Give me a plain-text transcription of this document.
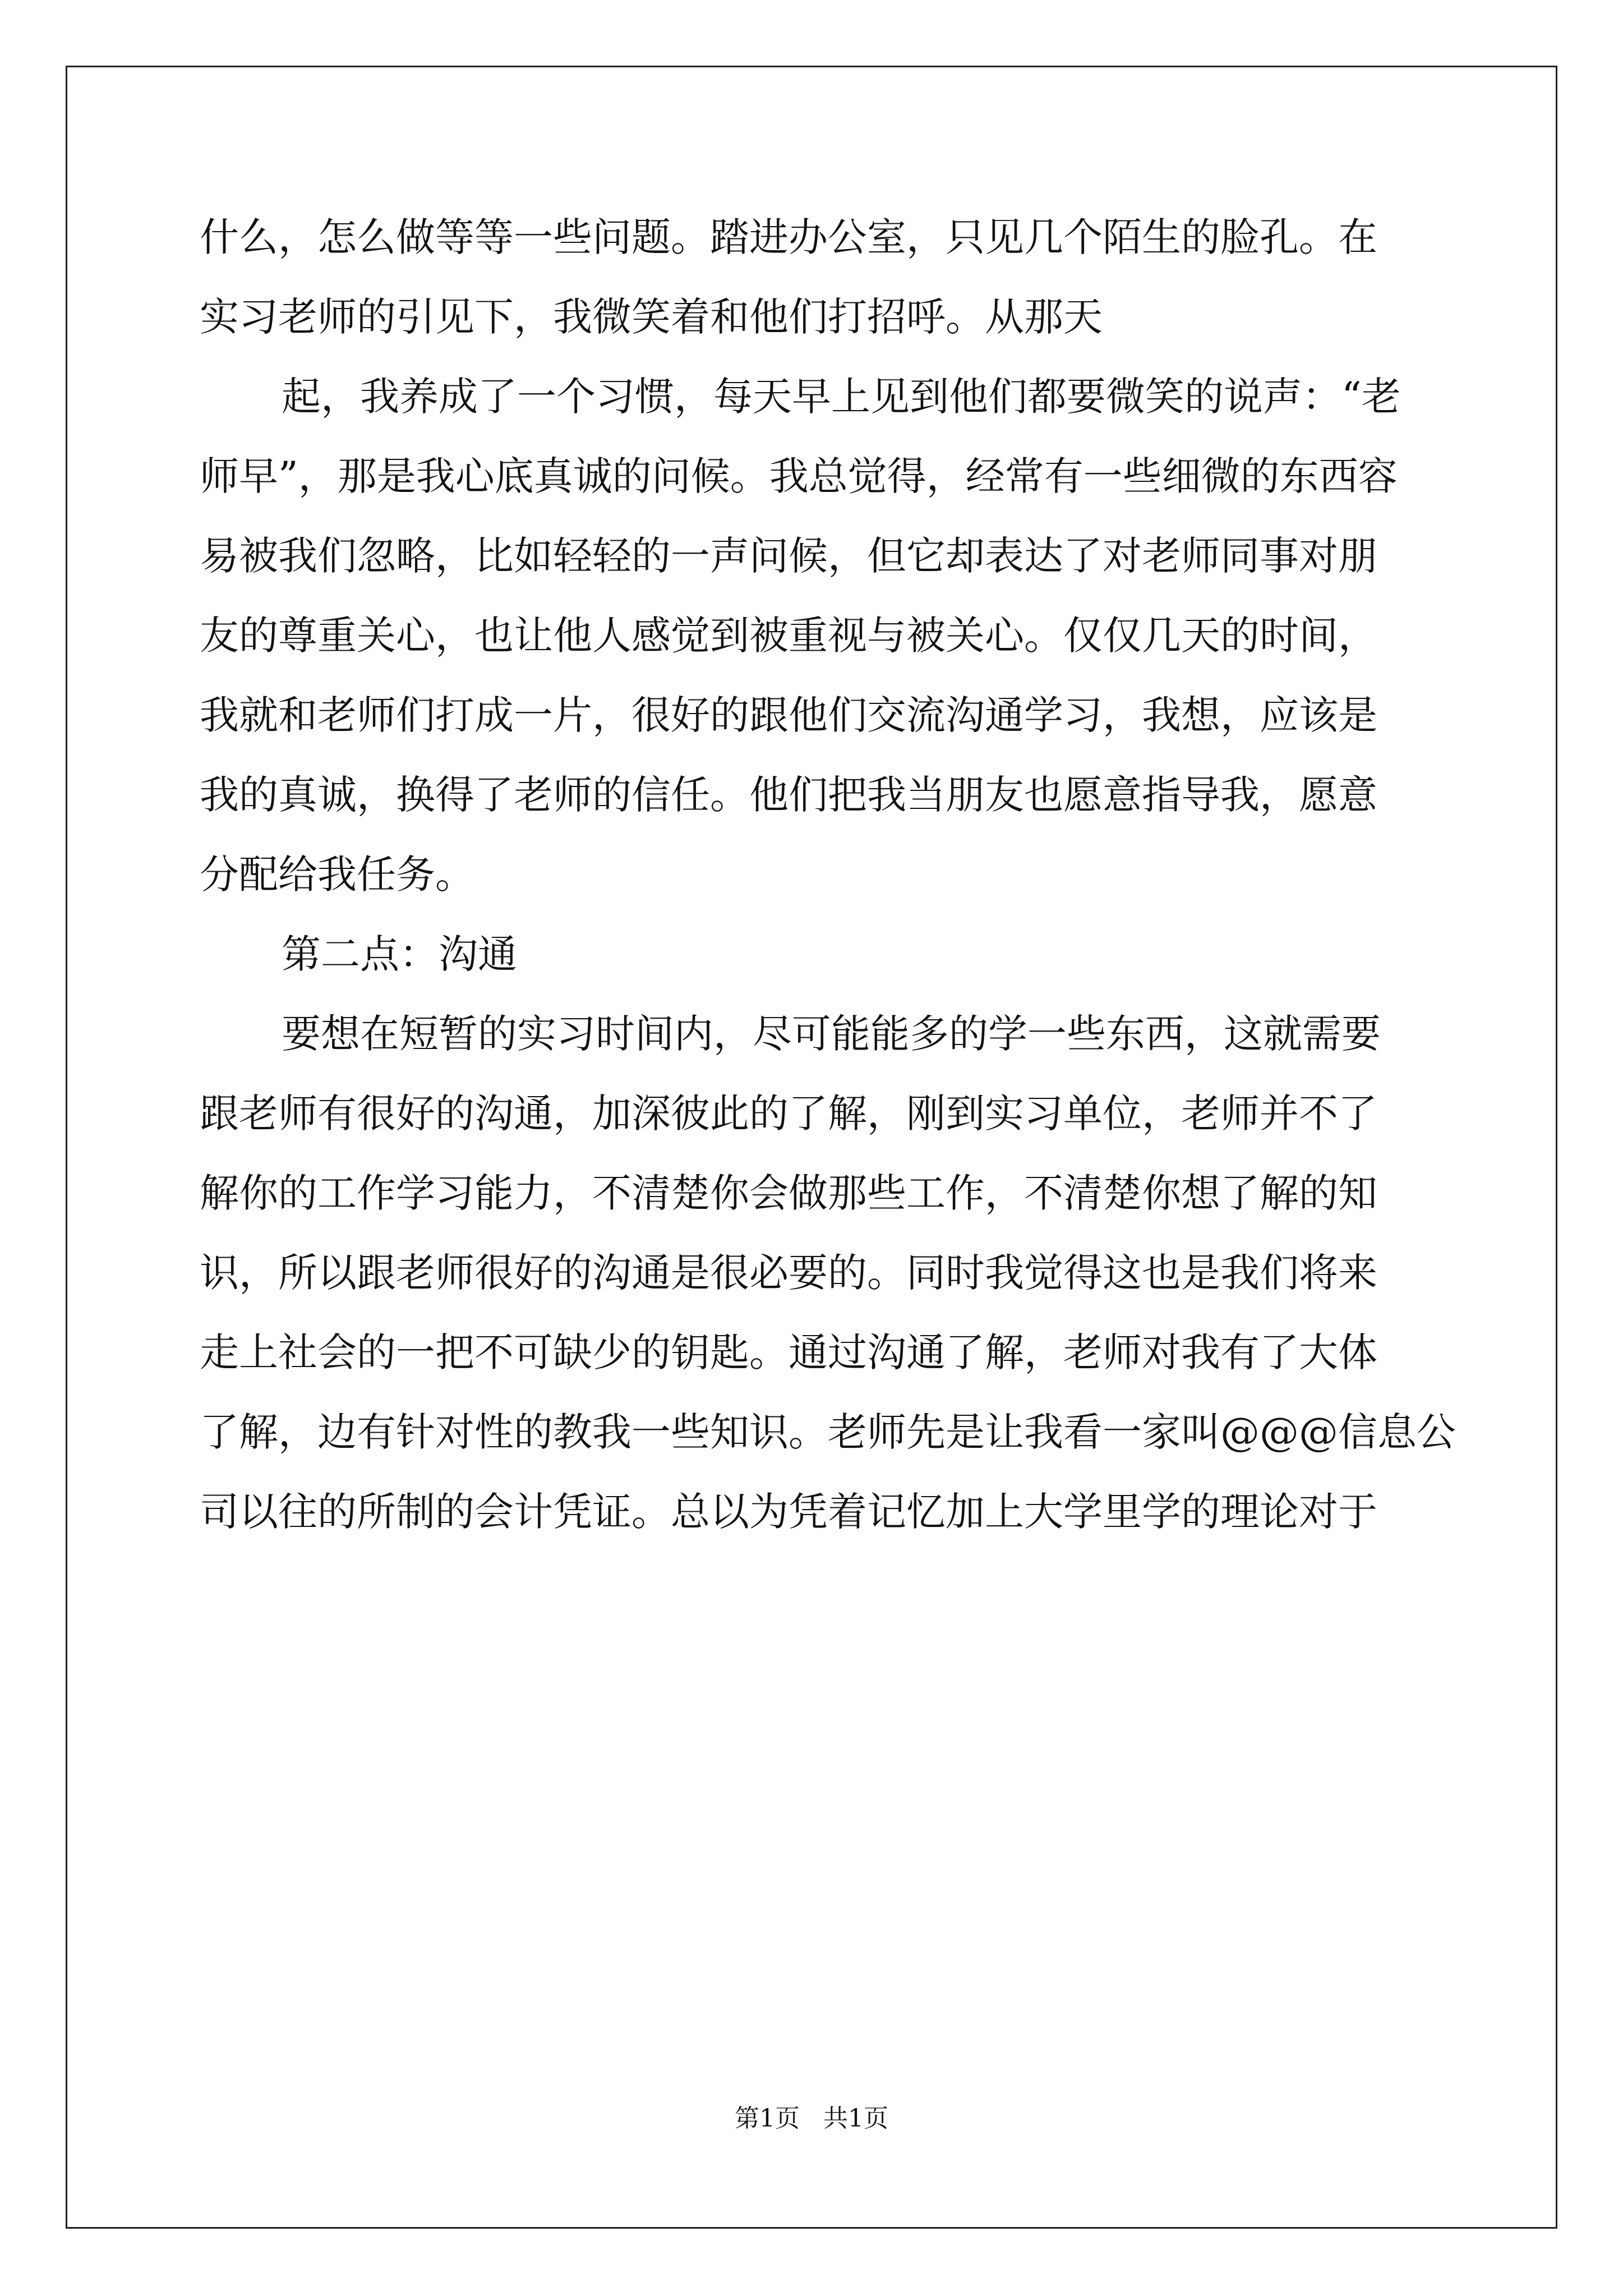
什么，怎么做等等一些问题。踏进办公室，只见几个陌生的脸孔。在
实习老师的引见下，我微笑着和他们打招呼。从那天
起，我养成了一个习惯，每天早上见到他们都要微笑的说声：“老
师早”，那是我心底真诚的问候。我总觉得，经常有一些细微的东西容
易被我们忽略，比如轻轻的一声问候，但它却表达了对老师同事对朋
友的尊重关心，也让他人感觉到被重视与被关心。仅仅几天的时间，
我就和老师们打成一片，很好的跟他们交流沟通学习，我想，应该是
我的真诚，换得了老师的信任。他们把我当朋友也愿意指导我，愿意
分配给我任务。
第二点：沟通
要想在短暂的实习时间内，尽可能能多的学一些东西，这就需要
跟老师有很好的沟通，加深彼此的了解，刚到实习单位，老师并不了
解你的工作学习能力，不清楚你会做那些工作，不清楚你想了解的知
识，所以跟老师很好的沟通是很必要的。同时我觉得这也是我们将来
走上社会的一把不可缺少的钥匙。通过沟通了解，老师对我有了大体
了解，边有针对性的教我一些知识。老师先是让我看一家叫@@@信息公
司以往的所制的会计凭证。总以为凭着记忆加上大学里学的理论对于
第1页   共1页
